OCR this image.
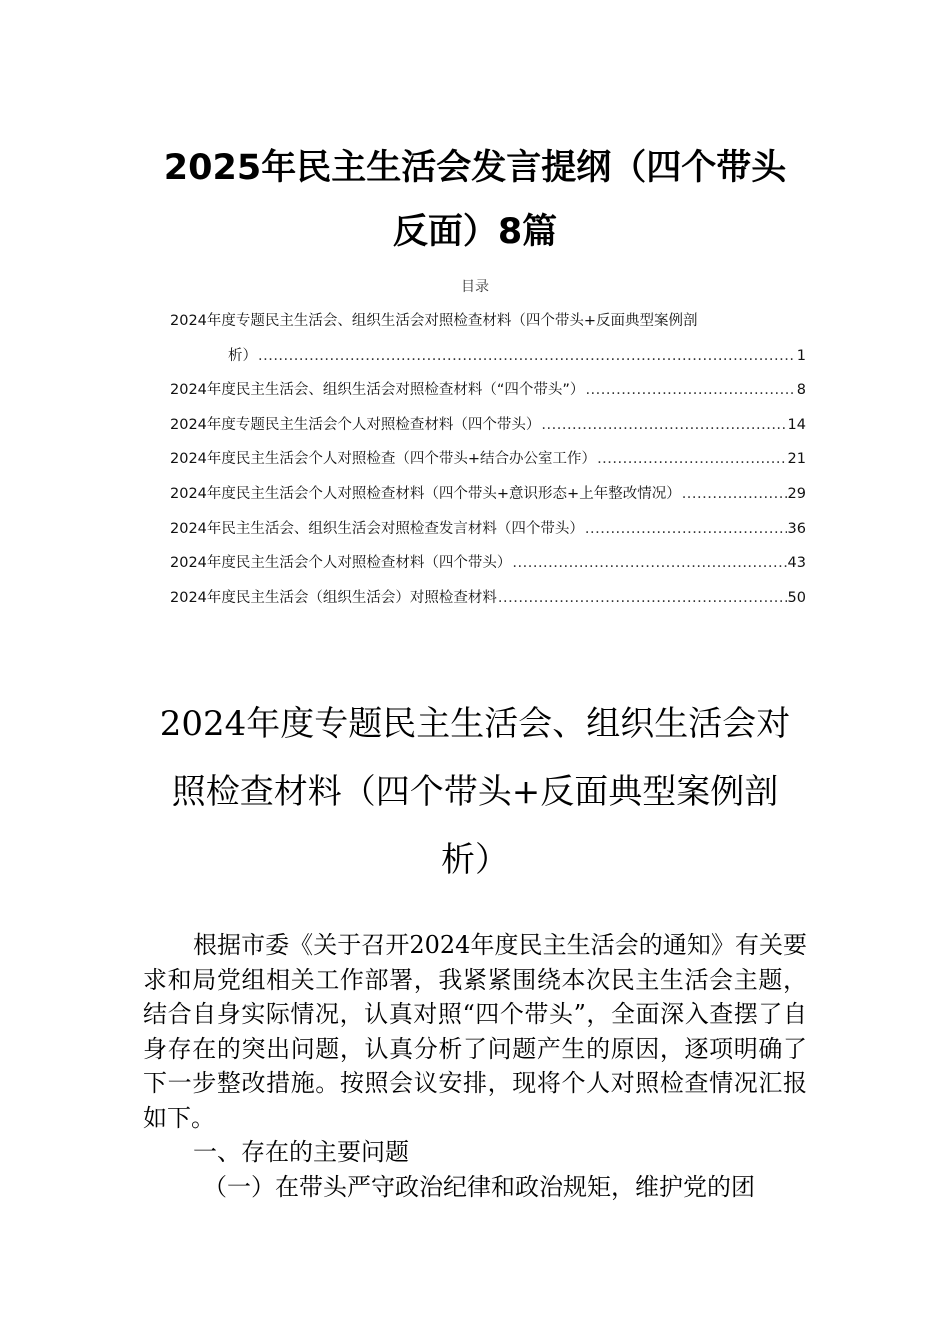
2025年民主生活会发言提纲（四个带头
反面）8篇
目录
2024年度专题民主生活会、组织生活会对照检查材料（四个带头+反面典型案例剖
析） .....	1
2024年度民主生活会、组织生活会对照检查材料（“四个带头”） .....	8
2024年度专题民主生活会个人对照检查材料（四个带头） .....	14
2024年度民主生活会个人对照检查（四个带头+结合办公室工作） .....	21
2024年度民主生活会个人对照检查材料（四个带头+意识形态+上年整改情况） .....	29
2024年民主生活会、组织生活会对照检查发言材料（四个带头） .....	36
2024年度民主生活会个人对照检查材料（四个带头） .....	43
2024年度民主生活会（组织生活会）对照检查材料 .....	50
2024年度专题民主生活会、组织生活会对
照检查材料（四个带头+反面典型案例剖
析）

根据市委《关于召开2024年度民主生活会的通知》有关要求和局党组相关工作部署，我紧紧围绕本次民主生活会主题，结合自身实际情况，认真对照“四个带头”，全面深入查摆了自身存在的突出问题，认真分析了问题产生的原因，逐项明确了下一步整改措施。按照会议安排，现将个人对照检查情况汇报如下。

一、存在的主要问题

（一）在带头严守政治纪律和政治规矩，维护党的团
